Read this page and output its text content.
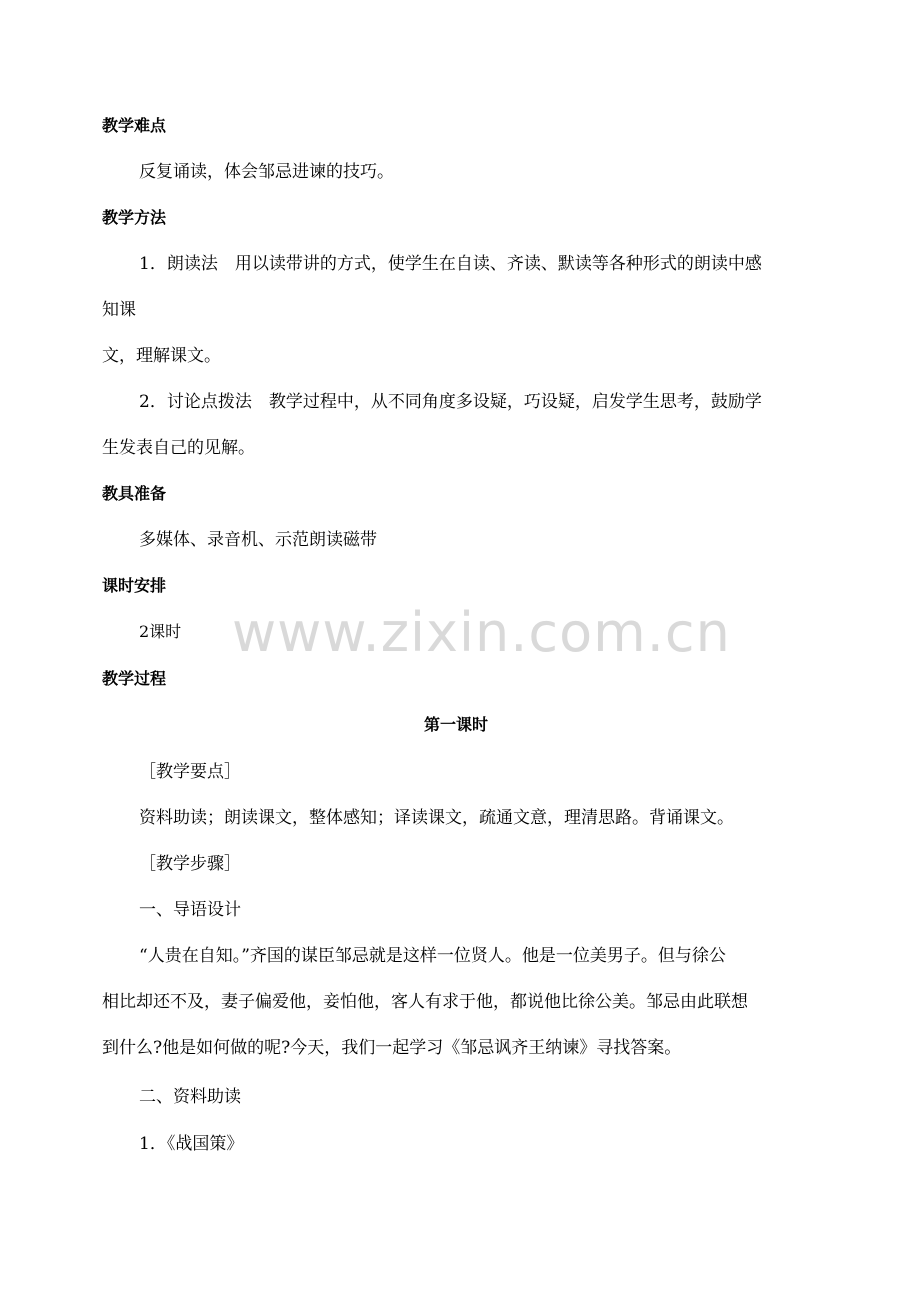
www.zixin.com.cn
教学难点
反复诵读，体会邹忌进谏的技巧。
教学方法
1．朗读法　用以读带讲的方式，使学生在自读、齐读、默读等各种形式的朗读中感
知课
文，理解课文。
2．讨论点拨法　教学过程中，从不同角度多设疑，巧设疑，启发学生思考，鼓励学
生发表自己的见解。
教具准备
多媒体、录音机、示范朗读磁带
课时安排
2课时
教学过程
第一课时
［教学要点］
资料助读；朗读课文，整体感知；译读课文，疏通文意，理清思路。背诵课文。
［教学步骤］
一、导语设计
“人贵在自知。”齐国的谋臣邹忌就是这样一位贤人。他是一位美男子。但与徐公
相比却还不及，妻子偏爱他，妾怕他，客人有求于他，都说他比徐公美。邹忌由此联想
到什么?他是如何做的呢?今天，我们一起学习《邹忌讽齐王纳谏》寻找答案。
二、资料助读
1．《战国策》
